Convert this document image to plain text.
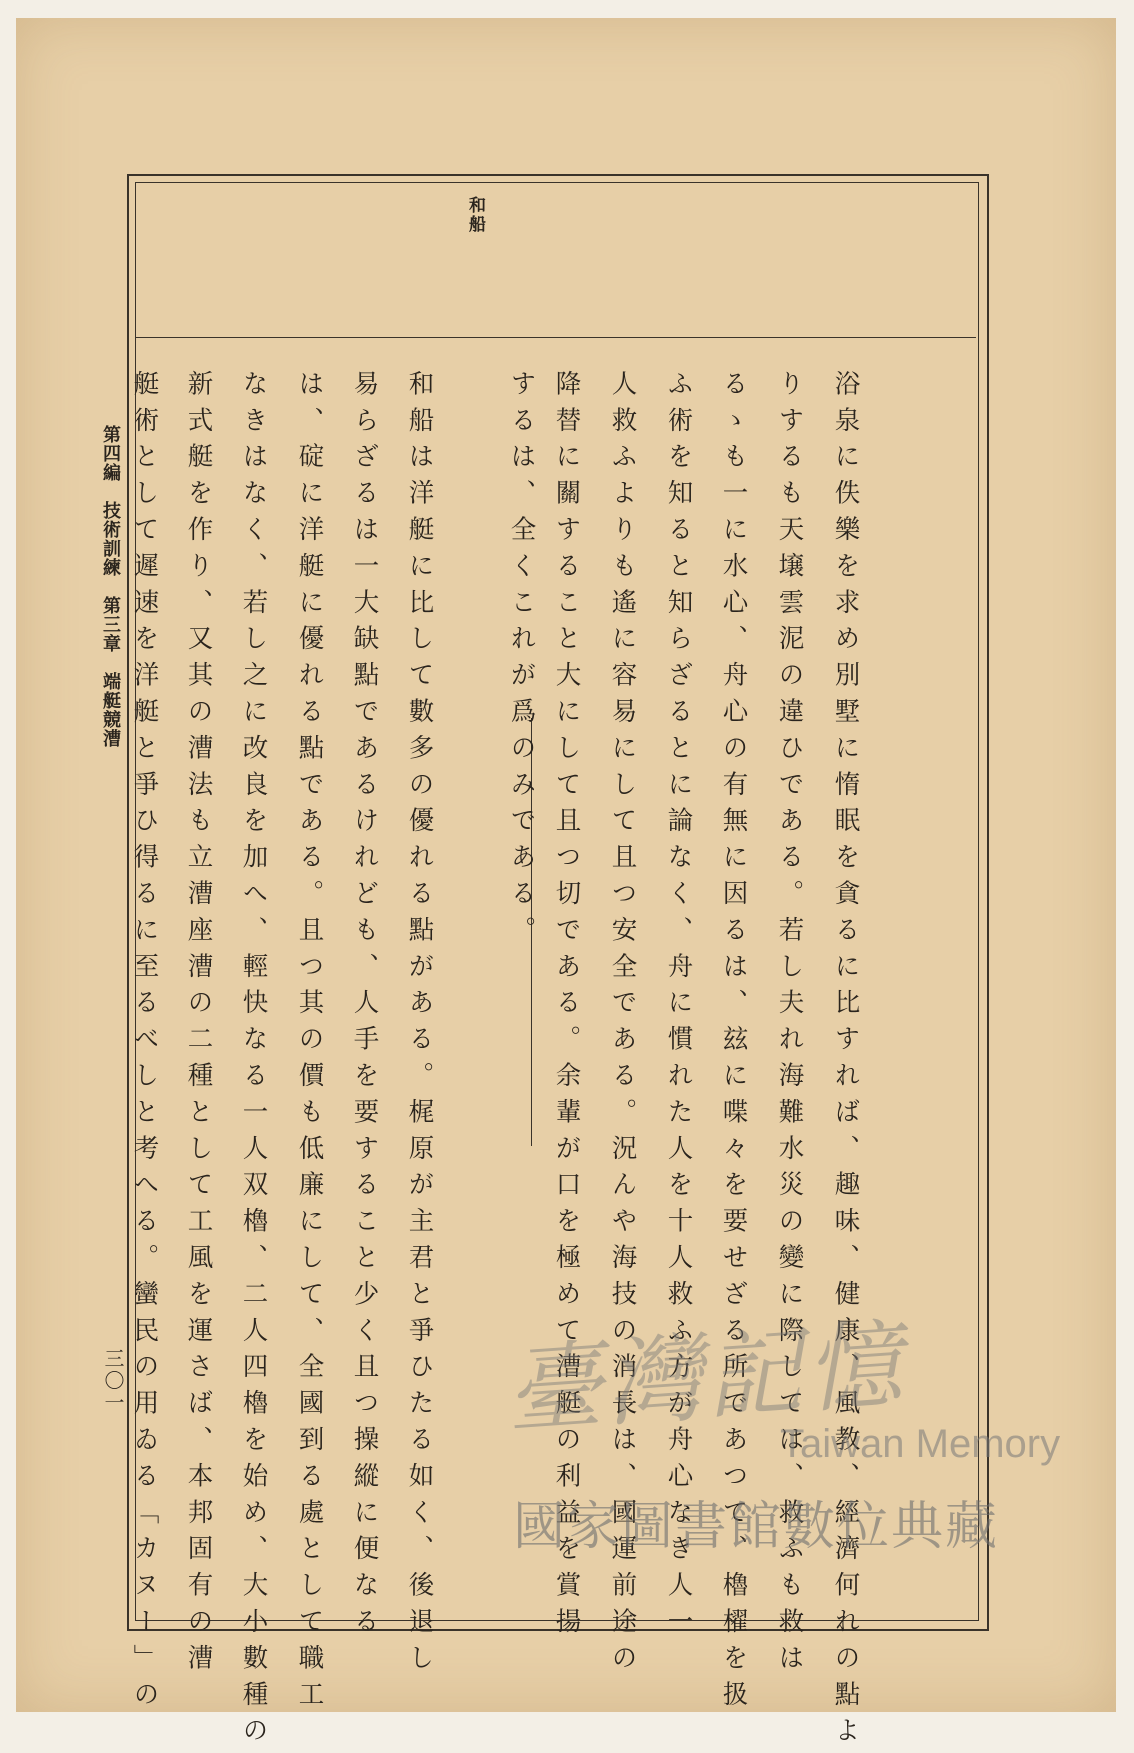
和船
浴泉に佚樂を求め別墅に惰眠を貪るに比すれば、趣味、健康、風教、經濟何れの點よ
りするも天壌雲泥の違ひである。若し夫れ海難水災の變に際しては、救ふも救は
るゝも一に水心、舟心の有無に因るは、玆に喋々を要せざる所であつて、櫓櫂を扱
ふ術を知ると知らざるとに論なく、舟に慣れた人を十人救ふ方が舟心なき人一
人救ふよりも遙に容易にして且つ安全である。況んや海技の消長は、國運前途の
降替に關すること大にして且つ切である。余輩が口を極めて漕艇の利益を賞揚
するは、全くこれが爲のみである。
和船は洋艇に比して數多の優れる點がある。梶原が主君と爭ひたる如く、後退し
易らざるは一大缺點であるけれども、人手を要すること少く且つ操縱に便なる
は、碇に洋艇に優れる點である。且つ其の價も低廉にして、全國到る處として職工
なきはなく、若し之に改良を加へ、輕快なる一人双櫓、二人四櫓を始め、大小數種の
新式艇を作り、又其の漕法も立漕座漕の二種として工風を運さば、本邦固有の漕
艇術として遲速を洋艇と爭ひ得るに至るべしと考へる。蠻民の用ゐる「カヌー」の
第四編　技術訓練　第三章　端艇競漕
三〇一	臺灣記憶
Taiwan Memory
國家圖書館數位典藏
